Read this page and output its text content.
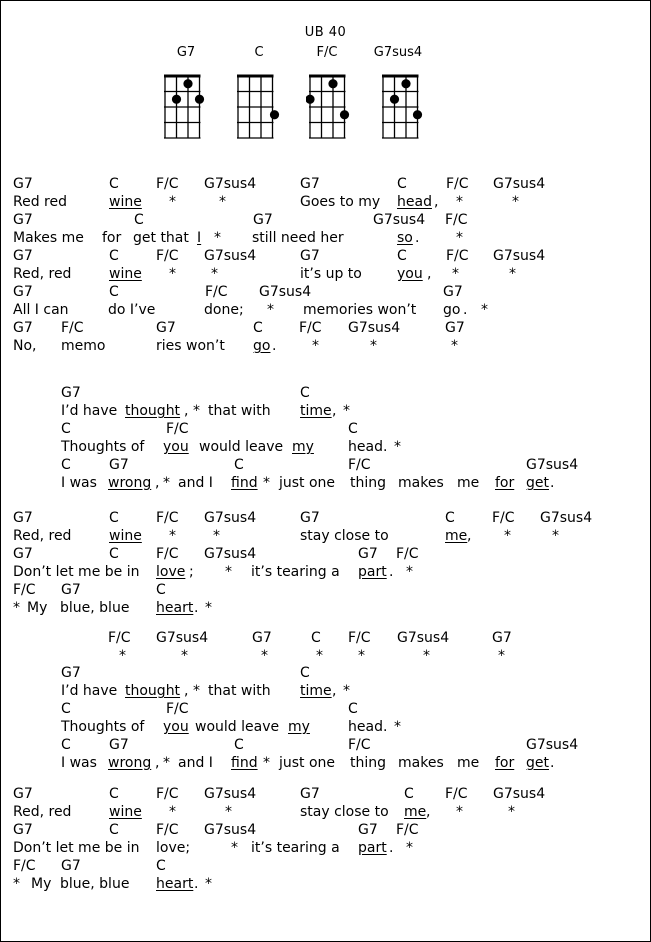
UB 40
G7	C	F/C	G7sus4
G7	C	F/C G7sus4	G7	C	F/C G7sus4
Red red	wine *	*	Goes to my head , *	*
G7	C	G7	G7sus4 F/C
Makes me for get that I * still need her	so .	*
G7	C	F/C G7sus4	G7	C	F/C G7sus4
Red, red	wine *	*	it’s up to	you , *	*
G7	C	F/C G7sus4	G7
All I can	do I’ve	done; * memories won’t go . *
G7 F/C	G7	C	F/C G7sus4	G7
No, memo	ries won’t go .	*	*	*
G7	C
I’d have thought , * that with time , *
C	F/C	C
Thoughts of you would leave my head. *
C	G7	C	F/C	G7sus4
I was wrong , * and I find * just one thing makes me for get .
G7	C	F/C G7sus4	G7	C	F/C G7sus4
Red, red	wine *	*	stay close to	me , *	*
G7	C	F/C G7sus4	G7 F/C
Don’t let me be in love ; * it’s tearing a part . *
F/C G7	C
* My blue, blue heart . *
F/C G7sus4	G7	C F/C G7sus4	G7
*	*	*	*	*	*	*
G7	C
I’d have thought , * that with time , *
C	F/C	C
Thoughts of you would leave my	head. *
C	G7	C	F/C	G7sus4
I was wrong , * and I find * just one thing makes me for get .
G7	C	F/C G7sus4	G7	C F/C G7sus4
Red, red	wine *	*	stay close to me , *	*
G7	C	F/C G7sus4	G7 F/C
Don’t let me be in love;	* it’s tearing a part . *
F/C G7	C
* My blue, blue heart . *
